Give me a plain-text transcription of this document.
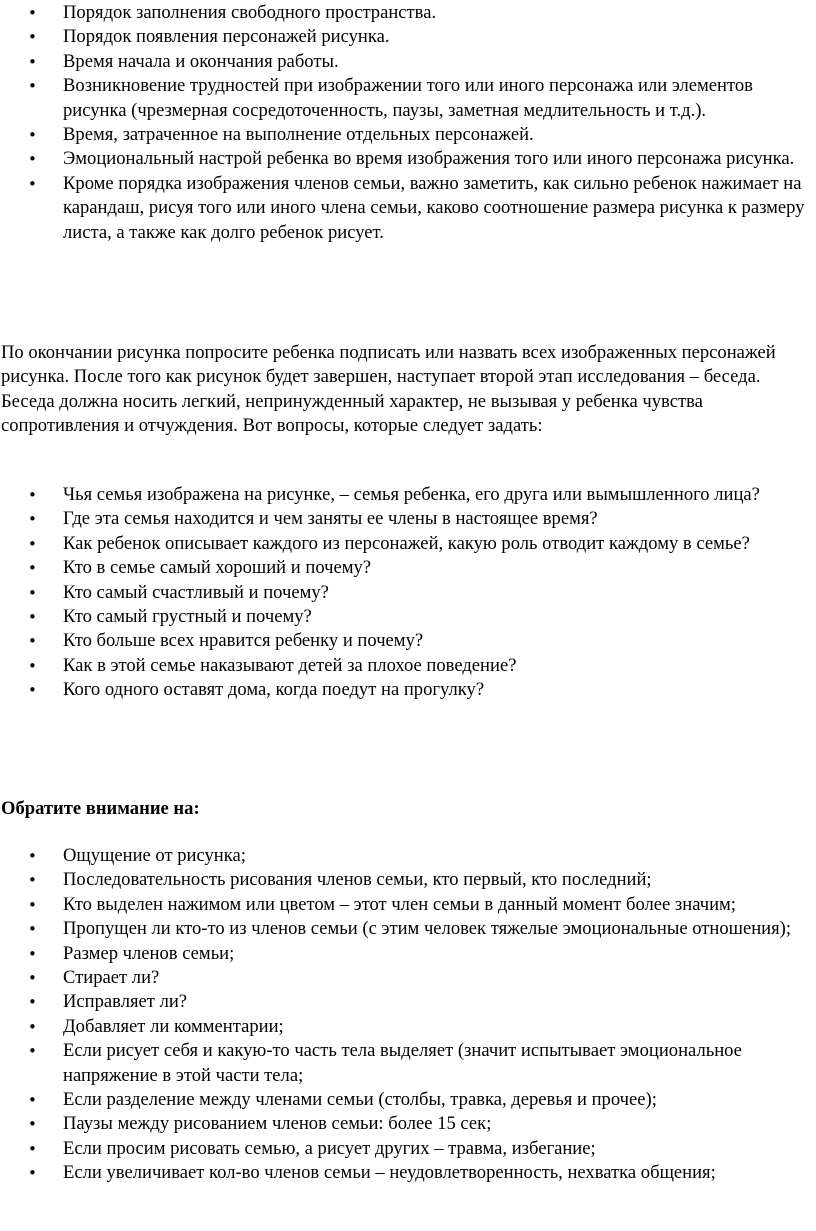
• Порядок заполнения свободного пространства.
• Порядок появления персонажей рисунка.
• Время начала и окончания работы.
• Возникновение трудностей при изображении того или иного персонажа или элементов рисунка (чрезмерная сосредоточенность, паузы, заметная медлительность и т.д.).
• Время, затраченное на выполнение отдельных персонажей.
• Эмоциональный настрой ребенка во время изображения того или иного персонажа рисунка.
• Кроме порядка изображения членов семьи, важно заметить, как сильно ребенок нажимает на карандаш, рисуя того или иного члена семьи, каково соотношение размера рисунка к размеру листа, а также как долго ребенок рисует.

По окончании рисунка попросите ребенка подписать или назвать всех изображенных персонажей рисунка. После того как рисунок будет завершен, наступает второй этап исследования – беседа. Беседа должна носить легкий, непринужденный характер, не вызывая у ребенка чувства сопротивления и отчуждения. Вот вопросы, которые следует задать:

• Чья семья изображена на рисунке, – семья ребенка, его друга или вымышленного лица?
• Где эта семья находится и чем заняты ее члены в настоящее время?
• Как ребенок описывает каждого из персонажей, какую роль отводит каждому в семье?
• Кто в семье самый хороший и почему?
• Кто самый счастливый и почему?
• Кто самый грустный и почему?
• Кто больше всех нравится ребенку и почему?
• Как в этой семье наказывают детей за плохое поведение?
• Кого одного оставят дома, когда поедут на прогулку?

Обратите внимание на:

• Ощущение от рисунка;
• Последовательность рисования членов семьи, кто первый, кто последний;
• Кто выделен нажимом или цветом – этот член семьи в данный момент более значим;
• Пропущен ли кто-то из членов семьи (с этим человек тяжелые эмоциональные отношения);
• Размер членов семьи;
• Стирает ли?
• Исправляет ли?
• Добавляет ли комментарии;
• Если рисует себя и какую-то часть тела выделяет (значит испытывает эмоциональное напряжение в этой части тела;
• Если разделение между членами семьи (столбы, травка, деревья и прочее);
• Паузы между рисованием членов семьи: более 15 сек;
• Если просим рисовать семью, а рисует других – травма, избегание;
• Если увеличивает кол-во членов семьи – неудовлетворенность, нехватка общения;
